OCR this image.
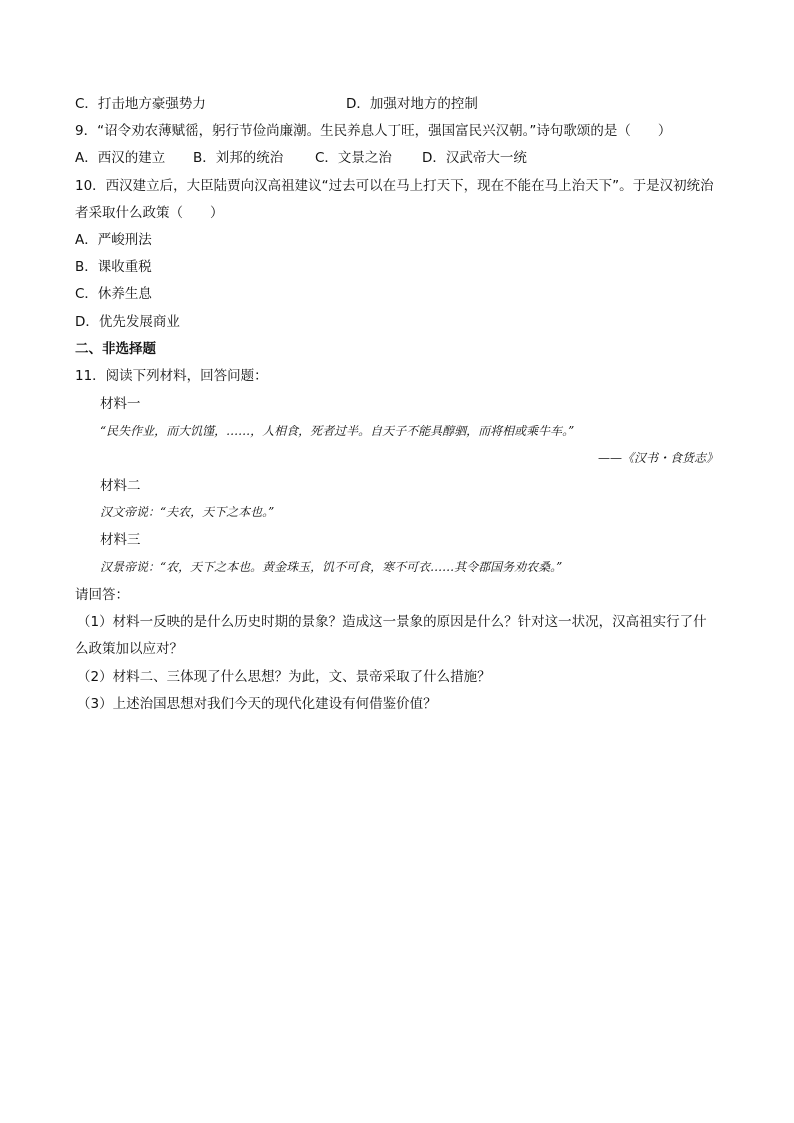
C．打击地方豪强势力	D．加强对地方的控制
9．“诏令劝农薄赋徭，躬行节俭尚廉潮。生民养息人丁旺，强国富民兴汉朝。”诗句歌颂的是（　　）
A．西汉的建立 B．刘邦的统治 C．文景之治 D．汉武帝大一统
10．西汉建立后，大臣陆贾向汉高祖建议“过去可以在马上打天下，现在不能在马上治天下”。于是汉初统治
者采取什么政策（　　）
A．严峻刑法
B．课收重税
C．休养生息
D．优先发展商业
二、非选择题
11．阅读下列材料，回答问题：
材料一
“民失作业，而大饥馑，……，人相食，死者过半。自天子不能具醇驷，而将相或乘牛车。”
——《汉书・食货志》
材料二
汉文帝说：“夫农，天下之本也。”
材料三
汉景帝说：“农，天下之本也。黄金珠玉，饥不可食，寒不可衣……其令郡国务劝农桑。”
请回答：
（1）材料一反映的是什么历史时期的景象？造成这一景象的原因是什么？针对这一状况，汉高祖实行了什
么政策加以应对？
（2）材料二、三体现了什么思想？为此，文、景帝采取了什么措施？
（3）上述治国思想对我们今天的现代化建设有何借鉴价值？
